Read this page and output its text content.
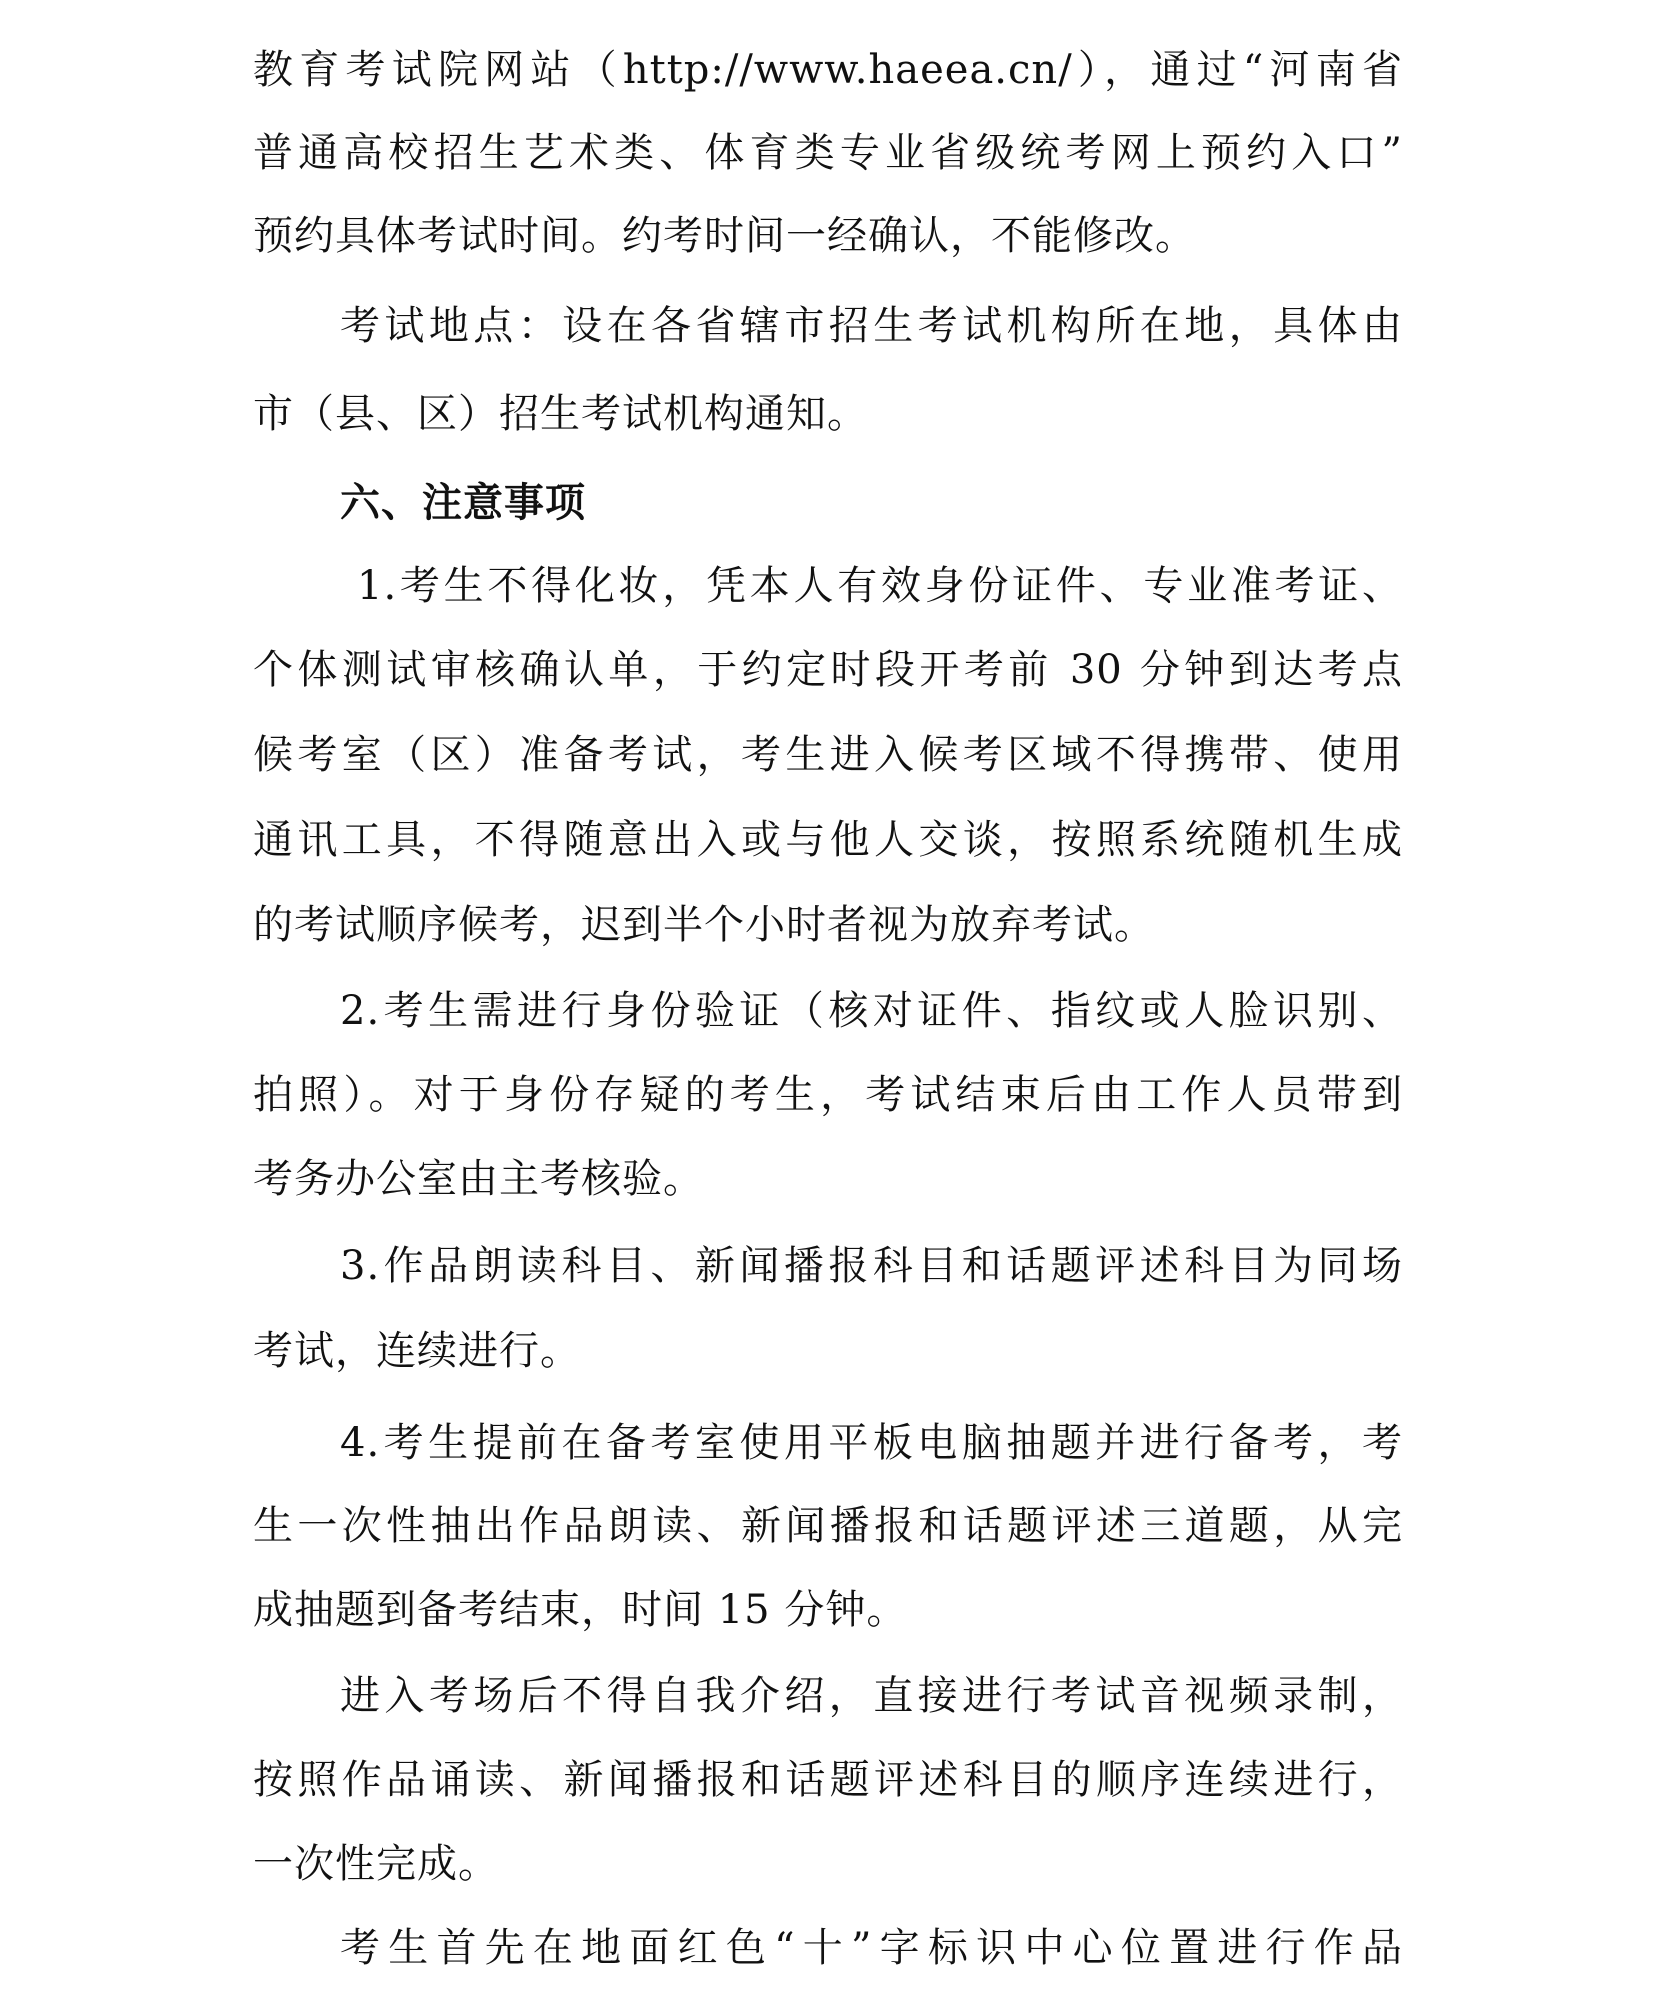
教育考试院网站（http://www.haeea.cn/），通过“河南省
普通高校招生艺术类、体育类专业省级统考网上预约入口”
预约具体考试时间。约考时间一经确认，不能修改。
考试地点：设在各省辖市招生考试机构所在地，具体由
市（县、区）招生考试机构通知。
六、注意事项
1.考生不得化妆，凭本人有效身份证件、专业准考证、
个体测试审核确认单，于约定时段开考前 30 分钟到达考点
候考室（区）准备考试，考生进入候考区域不得携带、使用
通讯工具，不得随意出入或与他人交谈，按照系统随机生成
的考试顺序候考，迟到半个小时者视为放弃考试。
2.考生需进行身份验证（核对证件、指纹或人脸识别、
拍照）。对于身份存疑的考生，考试结束后由工作人员带到
考务办公室由主考核验。
3.作品朗读科目、新闻播报科目和话题评述科目为同场
考试，连续进行。
4.考生提前在备考室使用平板电脑抽题并进行备考，考
生一次性抽出作品朗读、新闻播报和话题评述三道题，从完
成抽题到备考结束，时间 15 分钟。
进入考场后不得自我介绍，直接进行考试音视频录制，
按照作品诵读、新闻播报和话题评述科目的顺序连续进行，
一次性完成。
考生首先在地面红色“十”字标识中心位置进行作品
